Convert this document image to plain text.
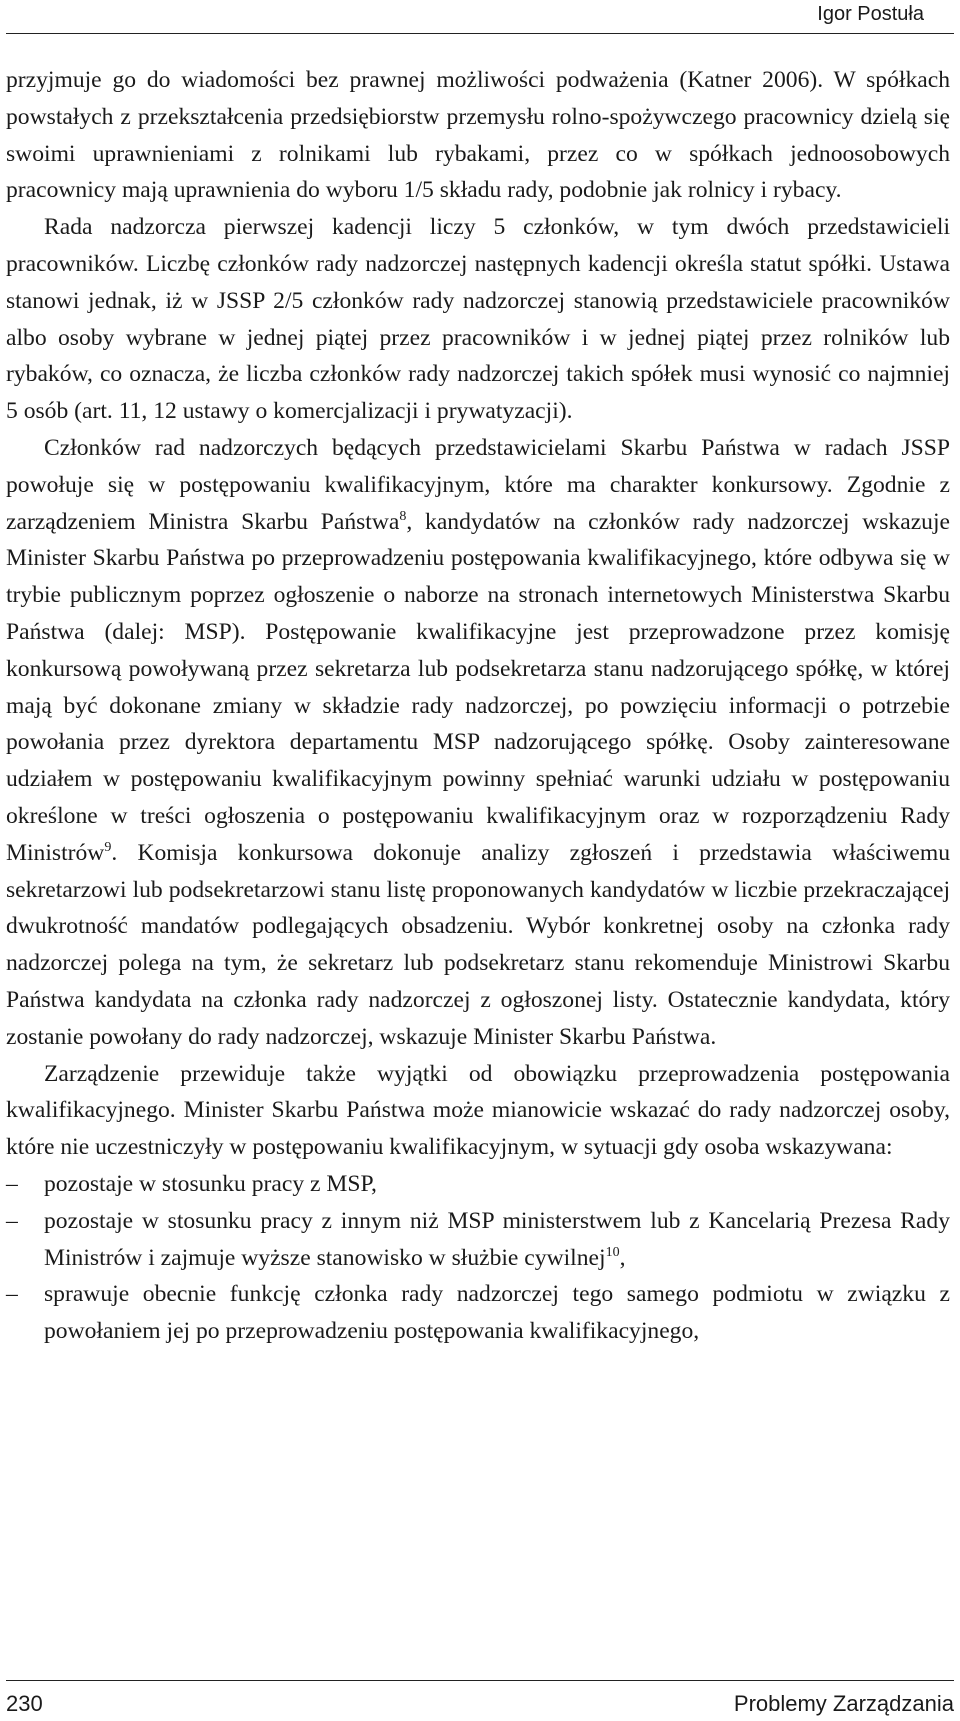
Igor Postuła

przyjmuje go do wiadomości bez prawnej możliwości podważenia (Katner 2006). W spółkach powstałych z przekształcenia przedsiębiorstw przemysłu rolno-spożywczego pracownicy dzielą się swoimi uprawnieniami z rolnikami lub rybakami, przez co w spółkach jednoosobowych pracownicy mają uprawnienia do wyboru 1/5 składu rady, podobnie jak rolnicy i rybacy.

Rada nadzorcza pierwszej kadencji liczy 5 członków, w tym dwóch przedstawicieli pracowników. Liczbę członków rady nadzorczej następnych kadencji określa statut spółki. Ustawa stanowi jednak, iż w JSSP 2/5 członków rady nadzorczej stanowią przedstawiciele pracowników albo osoby wybrane w jednej piątej przez pracowników i w jednej piątej przez rolników lub rybaków, co oznacza, że liczba członków rady nadzorczej takich spółek musi wynosić co najmniej 5 osób (art. 11, 12 ustawy o komercjalizacji i prywatyzacji).

Członków rad nadzorczych będących przedstawicielami Skarbu Państwa w radach JSSP powołuje się w postępowaniu kwalifikacyjnym, które ma charakter konkursowy. Zgodnie z zarządzeniem Ministra Skarbu Państwa$^8$, kandydatów na członków rady nadzorczej wskazuje Minister Skarbu Państwa po przeprowadzeniu postępowania kwalifikacyjnego, które odbywa się w trybie publicznym poprzez ogłoszenie o naborze na stronach internetowych Ministerstwa Skarbu Państwa (dalej: MSP). Postępowanie kwalifikacyjne jest przeprowadzone przez komisję konkursową powoływaną przez sekretarza lub podsekretarza stanu nadzorującego spółkę, w której mają być dokonane zmiany w składzie rady nadzorczej, po powzięciu informacji o potrzebie powołania przez dyrektora departamentu MSP nadzorującego spółkę. Osoby zainteresowane udziałem w postępowaniu kwalifikacyjnym powinny spełniać warunki udziału w postępowaniu określone w treści ogłoszenia o postępowaniu kwalifikacyjnym oraz w rozporządzeniu Rady Ministrów$^9$. Komisja konkursowa dokonuje analizy zgłoszeń i przedstawia właściwemu sekretarzowi lub podsekretarzowi stanu listę proponowanych kandydatów w liczbie przekraczającej dwukrotność mandatów podlegających obsadzeniu. Wybór konkretnej osoby na członka rady nadzorczej polega na tym, że sekretarz lub podsekretarz stanu rekomenduje Ministrowi Skarbu Państwa kandydata na członka rady nadzorczej z ogłoszonej listy. Ostatecznie kandydata, który zostanie powołany do rady nadzorczej, wskazuje Minister Skarbu Państwa.

Zarządzenie przewiduje także wyjątki od obowiązku przeprowadzenia postępowania kwalifikacyjnego. Minister Skarbu Państwa może mianowicie wskazać do rady nadzorczej osoby, które nie uczestniczyły w postępowaniu kwalifikacyjnym, w sytuacji gdy osoba wskazywana:

– pozostaje w stosunku pracy z MSP,
– pozostaje w stosunku pracy z innym niż MSP ministerstwem lub z Kancelarią Prezesa Rady Ministrów i zajmuje wyższe stanowisko w służbie cywilnej$^{10}$,
– sprawuje obecnie funkcję członka rady nadzorczej tego samego podmiotu w związku z powołaniem jej po przeprowadzeniu postępowania kwalifikacyjnego,
230	Problemy Zarządzania
